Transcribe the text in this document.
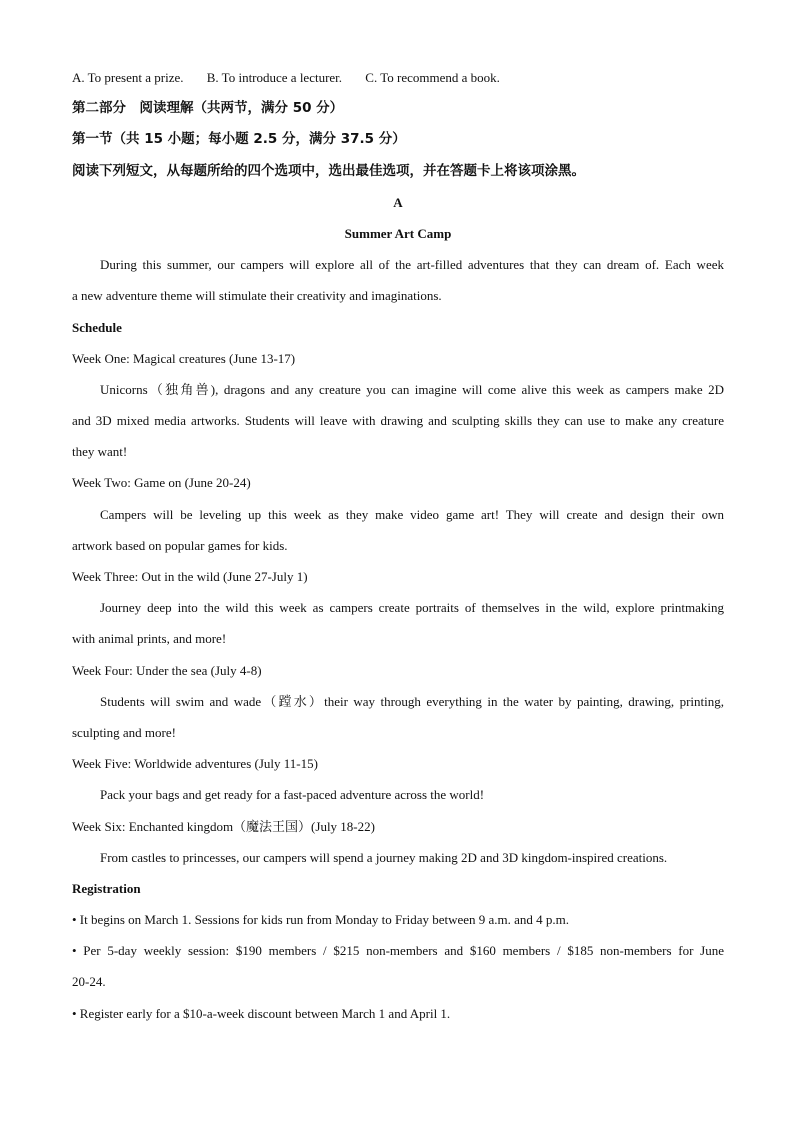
A. To present a prize. B. To introduce a lecturer. C. To recommend a book.
第二部分　阅读理解（共两节，满分 50 分）
第一节（共 15 小题；每小题 2.5 分，满分 37.5 分）
阅读下列短文，从每题所给的四个选项中，选出最佳选项，并在答题卡上将该项涂黑。
A
Summer Art Camp
During this summer, our campers will explore all of the art-filled adventures that they can dream of. Each week
a new adventure theme will stimulate their creativity and imaginations.
Schedule
Week One: Magical creatures (June 13-17)
Unicorns（独角兽), dragons and any creature you can imagine will come alive this week as campers make 2D
and 3D mixed media artworks. Students will leave with drawing and sculpting skills they can use to make any creature
they want!
Week Two: Game on (June 20-24)
Campers will be leveling up this week as they make video game art! They will create and design their own
artwork based on popular games for kids.
Week Three: Out in the wild (June 27-July 1)
Journey deep into the wild this week as campers create portraits of themselves in the wild, explore printmaking
with animal prints, and more!
Week Four: Under the sea (July 4-8)
Students will swim and wade（蹚水）their way through everything in the water by painting, drawing, printing,
sculpting and more!
Week Five: Worldwide adventures (July 11-15)
Pack your bags and get ready for a fast-paced adventure across the world!
Week Six: Enchanted kingdom（魔法王国）(July 18-22)
From castles to princesses, our campers will spend a journey making 2D and 3D kingdom-inspired creations.
Registration
• It begins on March 1. Sessions for kids run from Monday to Friday between 9 a.m. and 4 p.m.
• Per 5-day weekly session: $190 members / $215 non-members and $160 members / $185 non-members for June
20-24.
• Register early for a $10-a-week discount between March 1 and April 1.
